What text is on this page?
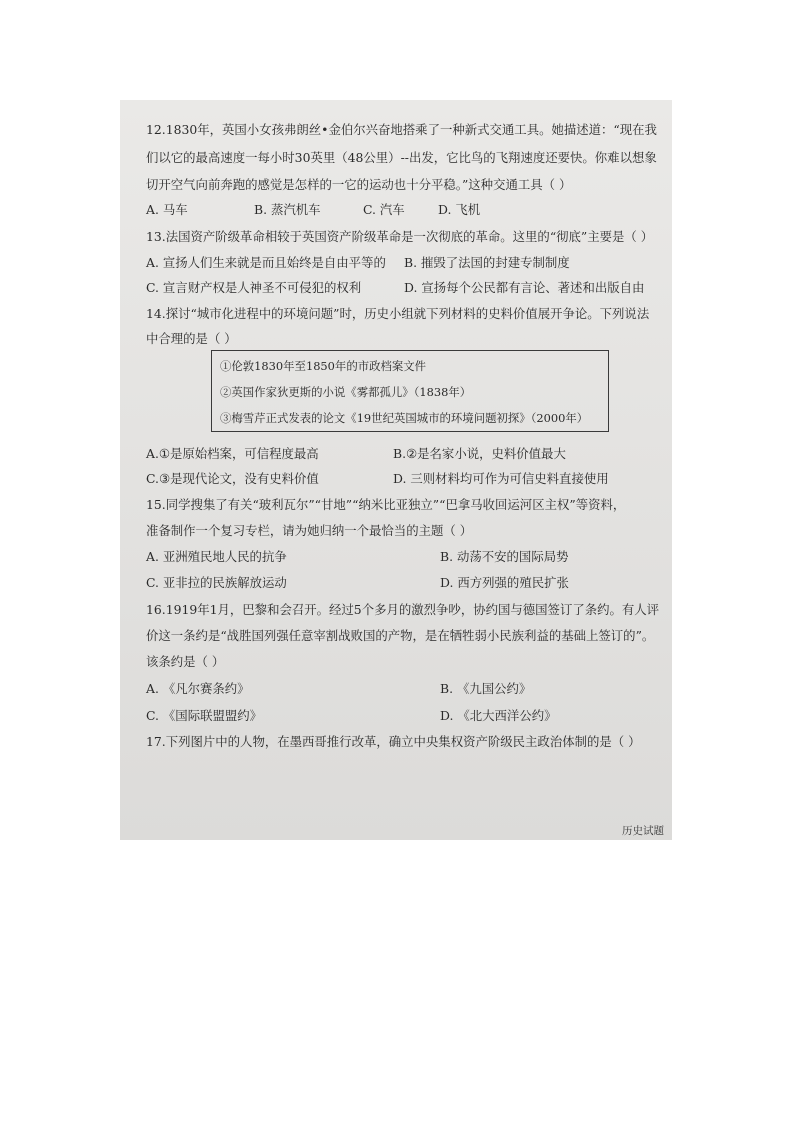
12.1830年，英国小女孩弗朗丝•金伯尔兴奋地搭乘了一种新式交通工具。她描述道：“现在我
们以它的最高速度一每小时30英里（48公里）--出发，它比鸟的飞翔速度还要快。你难以想象
切开空气向前奔跑的感觉是怎样的一它的运动也十分平稳。”这种交通工具（ ）
A. 马车	B. 蒸汽机车	C. 汽车	D. 飞机
13.法国资产阶级革命相较于英国资产阶级革命是一次彻底的革命。这里的“彻底”主要是（ ）
A. 宣扬人们生来就是而且始终是自由平等的 B. 摧毁了法国的封建专制制度
C. 宣言财产权是人神圣不可侵犯的权利	D. 宣扬每个公民都有言论、著述和出版自由
14.探讨“城市化进程中的环境问题”时，历史小组就下列材料的史料价值展开争论。下列说法
中合理的是（ ）
A.①是原始档案，可信程度最高	B.②是名家小说，史料价值最大
C.③是现代论文，没有史料价值	D. 三则材料均可作为可信史料直接使用
15.同学搜集了有关“玻利瓦尔”“甘地”“纳米比亚独立”“巴拿马收回运河区主权”等资料，
准备制作一个复习专栏，请为她归纳一个最恰当的主题（ ）
A. 亚洲殖民地人民的抗争	B. 动荡不安的国际局势
C. 亚非拉的民族解放运动	D. 西方列强的殖民扩张
16.1919年1月，巴黎和会召开。经过5个多月的激烈争吵，协约国与德国签订了条约。有人评
价这一条约是“战胜国列强任意宰割战败国的产物，是在牺牲弱小民族利益的基础上签订的”。
该条约是（ ）
A. 《凡尔赛条约》	B. 《九国公约》
C. 《国际联盟盟约》	D. 《北大西洋公约》
17.下列图片中的人物，在墨西哥推行改革，确立中央集权资产阶级民主政治体制的是（ ）
①伦敦1830年至1850年的市政档案文件
②英国作家狄更斯的小说《雾都孤儿》（1838年）
③梅雪芹正式发表的论文《19世纪英国城市的环境问题初探》（2000年）
历史试题
